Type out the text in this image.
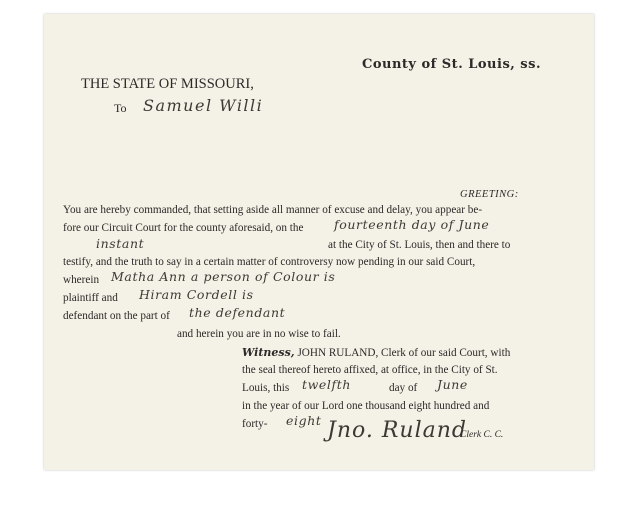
County of St. Louis, ss.
THE STATE OF MISSOURI,
To Samuel Willi
GREETING:
You are hereby commanded, that setting aside all manner of excuse and delay, you appear be-
fore our Circuit Court for the county aforesaid, on the fourteenth day of June
instant	at the City of St. Louis, then and there to
testify, and the truth to say in a certain matter of controversy now pending in our said Court,
wherein Matha Ann a person of Colour is
plaintiff and Hiram Cordell is
defendant on the part of the defendant
and herein you are in no wise to fail.
Witness, JOHN RULAND, Clerk of our said Court, with
the seal thereof hereto affixed, at office, in the City of St.
Louis, this twelfth	day of June
in the year of our Lord one thousand eight hundred and
forty- eight Jno. Ruland
Clerk C. C.
